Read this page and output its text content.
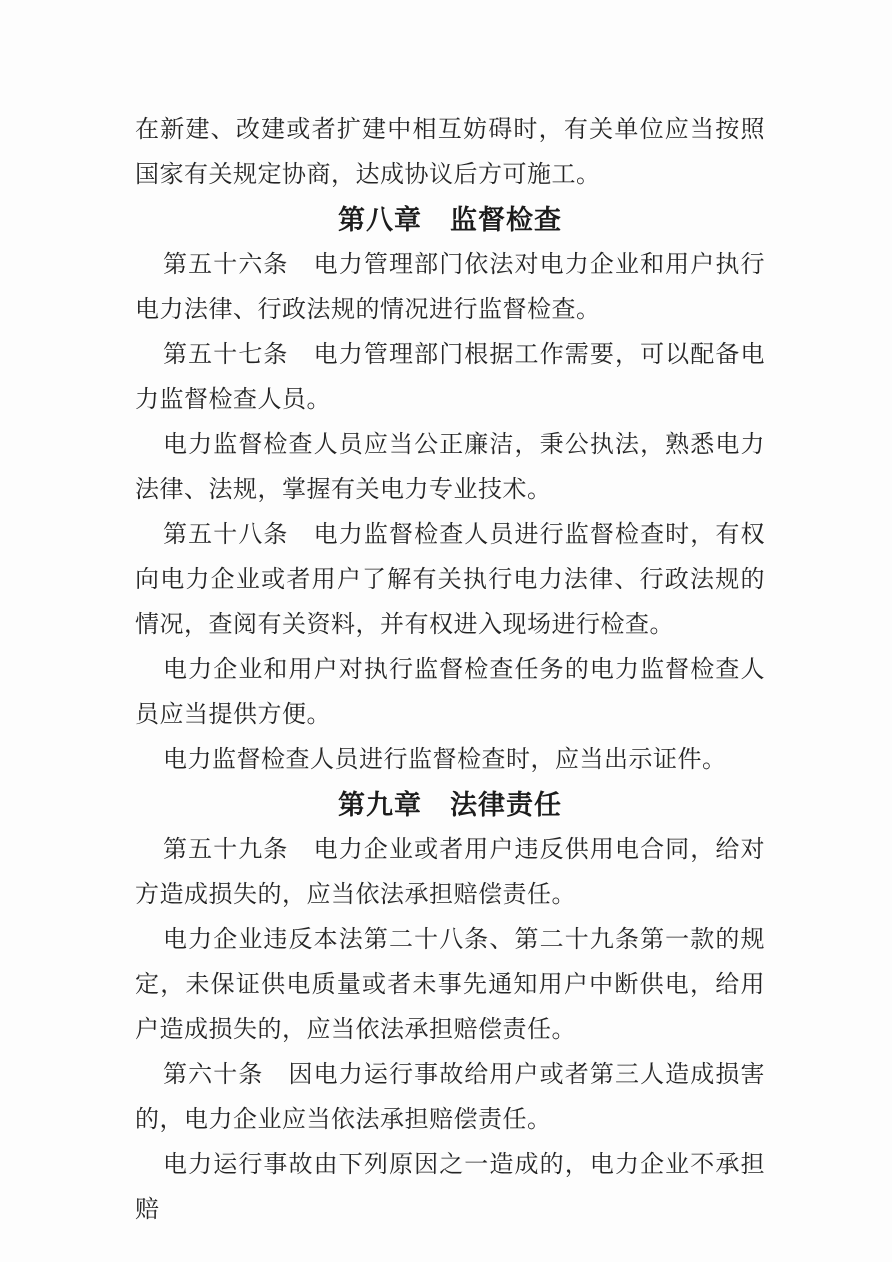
在新建、改建或者扩建中相互妨碍时，有关单位应当按照国家有关规定协商，达成协议后方可施工。

第八章　监督检查

第五十六条　电力管理部门依法对电力企业和用户执行电力法律、行政法规的情况进行监督检查。

第五十七条　电力管理部门根据工作需要，可以配备电力监督检查人员。

电力监督检查人员应当公正廉洁，秉公执法，熟悉电力法律、法规，掌握有关电力专业技术。

第五十八条　电力监督检查人员进行监督检查时，有权向电力企业或者用户了解有关执行电力法律、行政法规的情况，查阅有关资料，并有权进入现场进行检查。

电力企业和用户对执行监督检查任务的电力监督检查人员应当提供方便。

电力监督检查人员进行监督检查时，应当出示证件。

第九章　法律责任

第五十九条　电力企业或者用户违反供用电合同，给对方造成损失的，应当依法承担赔偿责任。

电力企业违反本法第二十八条、第二十九条第一款的规定，未保证供电质量或者未事先通知用户中断供电，给用户造成损失的，应当依法承担赔偿责任。

第六十条　因电力运行事故给用户或者第三人造成损害的，电力企业应当依法承担赔偿责任。

电力运行事故由下列原因之一造成的，电力企业不承担赔
